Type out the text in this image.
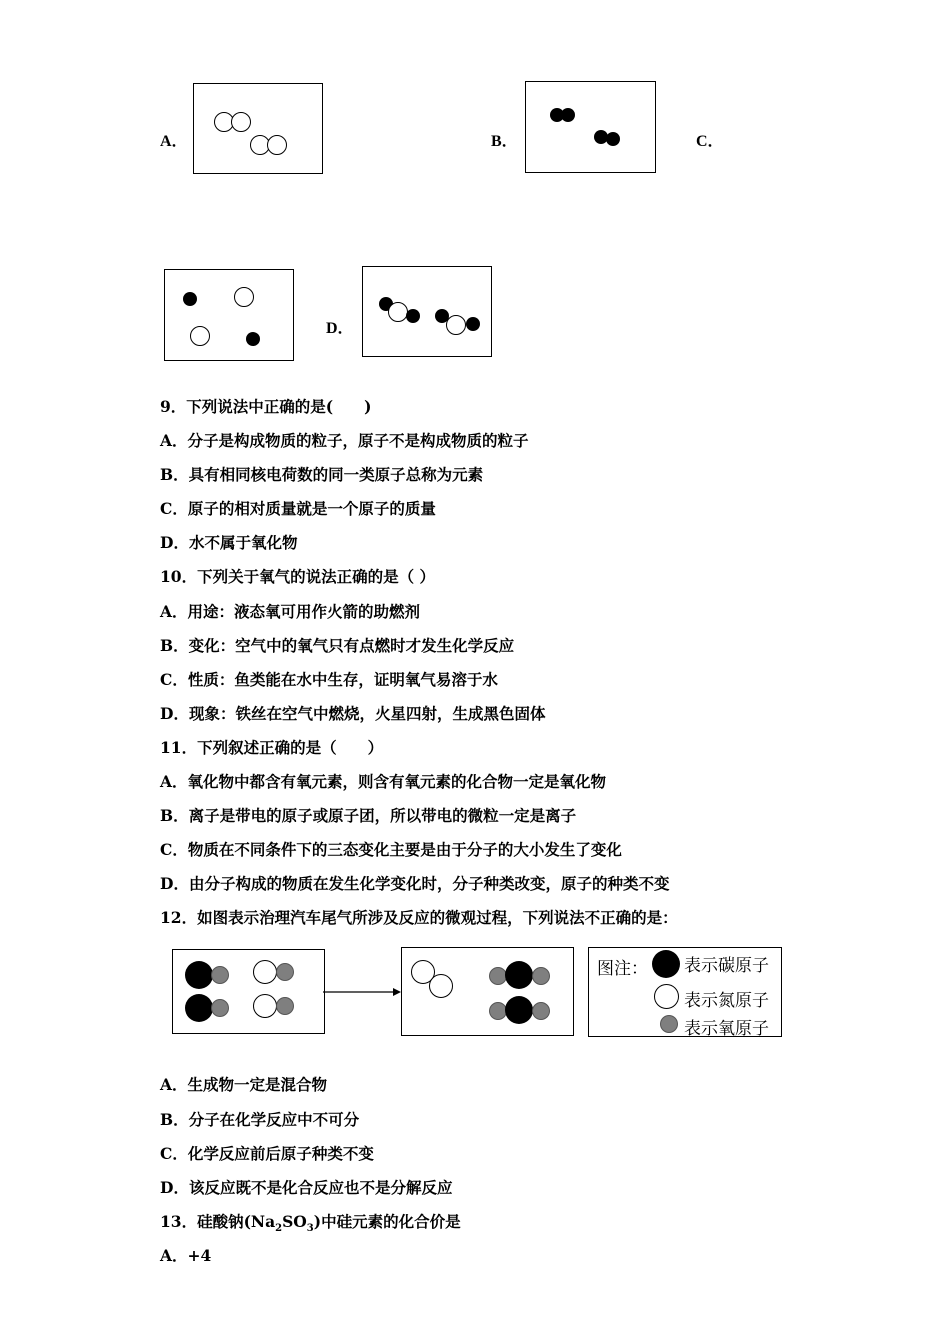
A．	B．	C．
D．
9．下列说法中正确的是(　　)
A．分子是构成物质的粒子，原子不是构成物质的粒子
B．具有相同核电荷数的同一类原子总称为元素
C．原子的相对质量就是一个原子的质量
D．水不属于氧化物
10．下列关于氧气的说法正确的是（ ）
A．用途：液态氧可用作火箭的助燃剂
B．变化：空气中的氧气只有点燃时才发生化学反应
C．性质：鱼类能在水中生存，证明氧气易溶于水
D．现象：铁丝在空气中燃烧，火星四射，生成黑色固体
11．下列叙述正确的是（　　）
A．氧化物中都含有氧元素，则含有氧元素的化合物一定是氧化物
B．离子是带电的原子或原子团，所以带电的微粒一定是离子
C．物质在不同条件下的三态变化主要是由于分子的大小发生了变化
D．由分子构成的物质在发生化学变化时，分子种类改变，原子的种类不变
12．如图表示治理汽车尾气所涉及反应的微观过程，下列说法不正确的是：
图注： 表示碳原子
表示氮原子
表示氧原子
A．生成物一定是混合物
B．分子在化学反应中不可分
C．化学反应前后原子种类不变
D．该反应既不是化合反应也不是分解反应
13．硅酸钠$(Na_2SO_3)$中硅元素的化合价是
A．+4
